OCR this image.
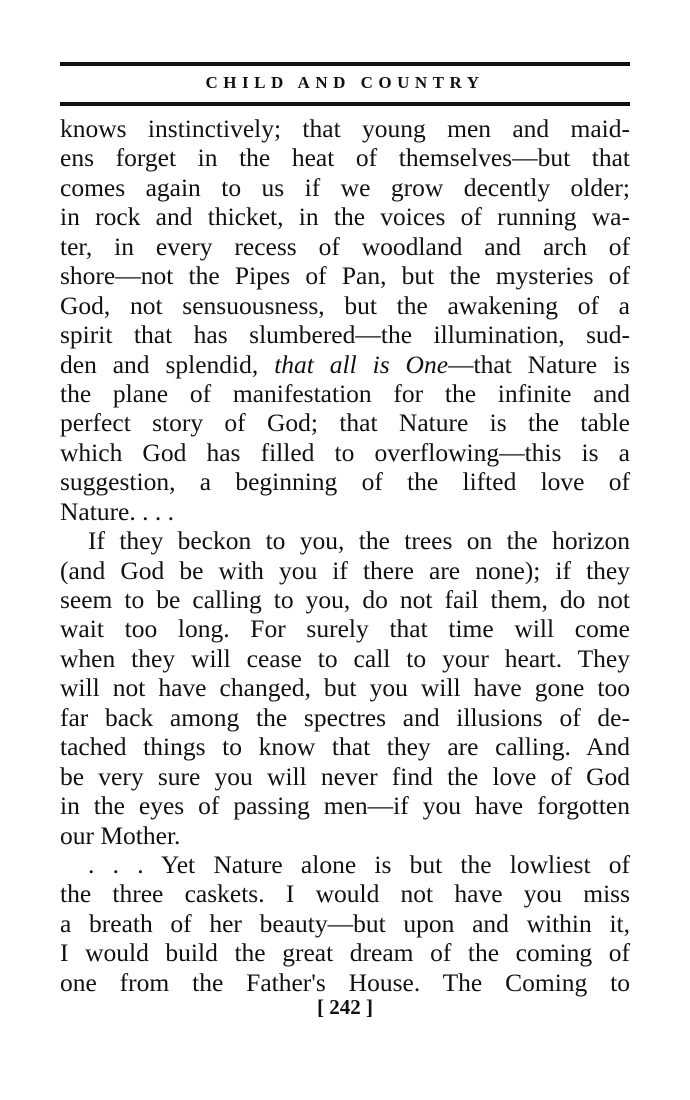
CHILD AND COUNTRY
knows instinctively; that young men and maid-
ens forget in the heat of themselves—but that
comes again to us if we grow decently older;
in rock and thicket, in the voices of running wa-
ter, in every recess of woodland and arch of
shore—not the Pipes of Pan, but the mysteries of
God, not sensuousness, but the awakening of a
spirit that has slumbered—the illumination, sud-
den and splendid, that all is One—that Nature is
the plane of manifestation for the infinite and
perfect story of God; that Nature is the table
which God has filled to overflowing—this is a
suggestion, a beginning of the lifted love of
Nature. . . .
If they beckon to you, the trees on the horizon
(and God be with you if there are none); if they
seem to be calling to you, do not fail them, do not
wait too long. For surely that time will come
when they will cease to call to your heart. They
will not have changed, but you will have gone too
far back among the spectres and illusions of de-
tached things to know that they are calling. And
be very sure you will never find the love of God
in the eyes of passing men—if you have forgotten
our Mother.
. . . Yet Nature alone is but the lowliest of
the three caskets. I would not have you miss
a breath of her beauty—but upon and within it,
I would build the great dream of the coming of
one from the Father's House. The Coming to
[ 242 ]
